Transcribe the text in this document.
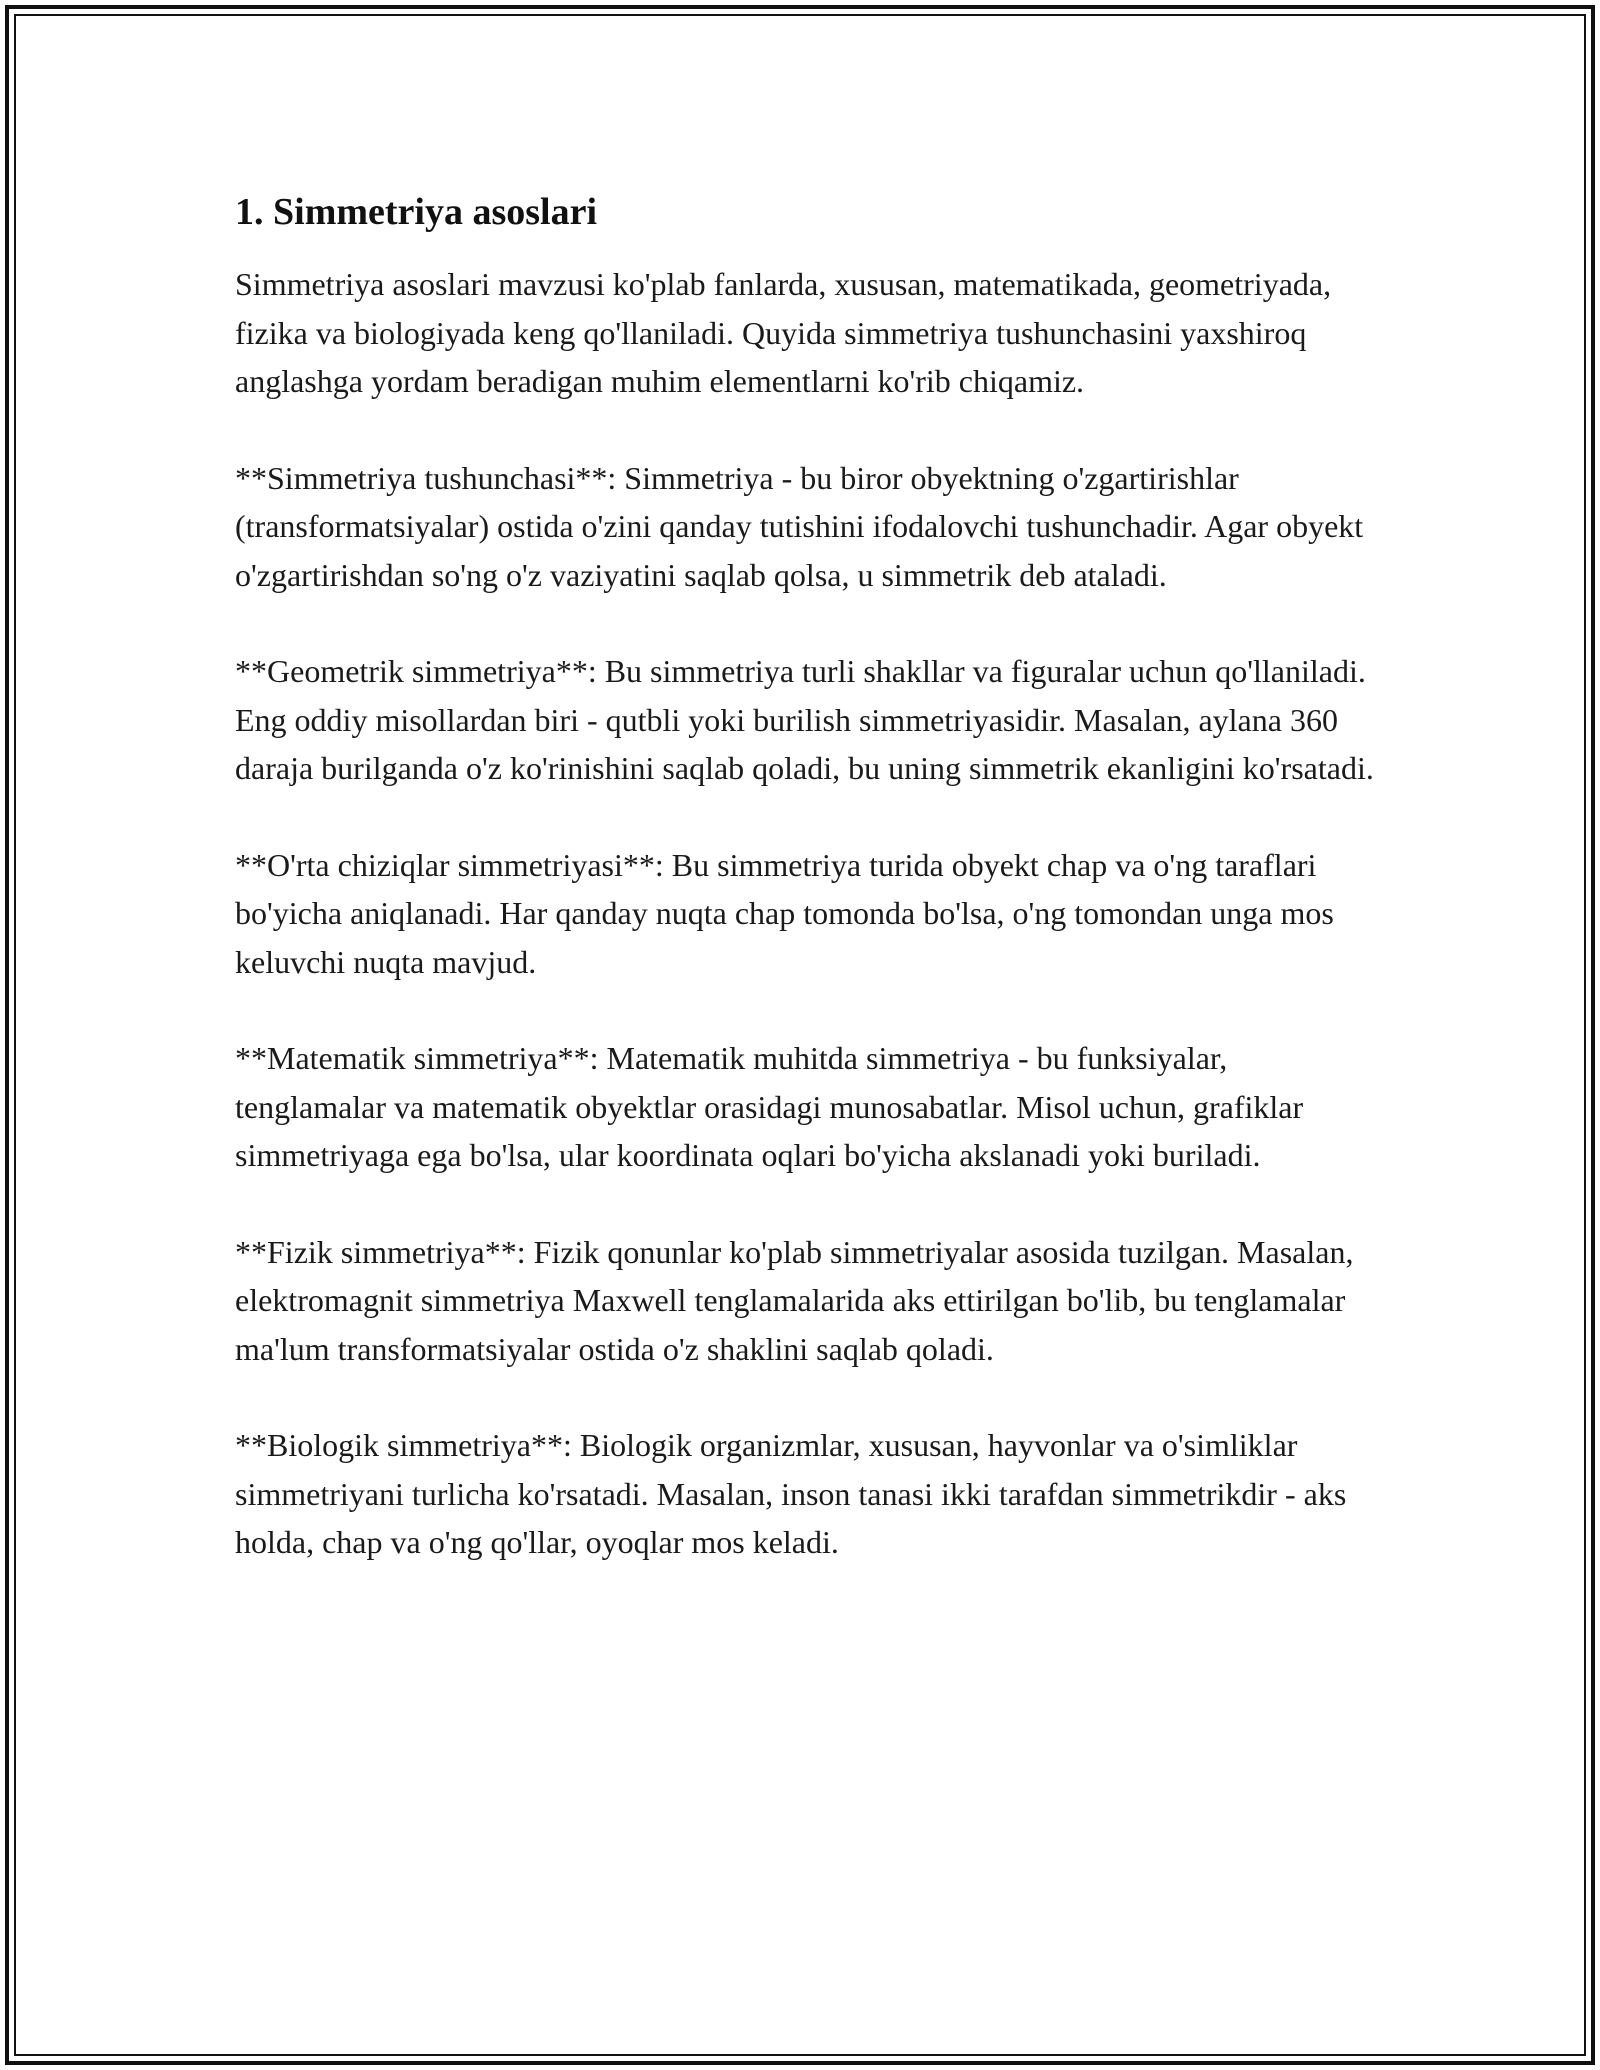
1. Simmetriya asoslari

Simmetriya asoslari mavzusi ko'plab fanlarda, xususan, matematikada, geometriyada, fizika va biologiyada keng qo'llaniladi. Quyida simmetriya tushunchasini yaxshiroq anglashga yordam beradigan muhim elementlarni ko'rib chiqamiz.

**Simmetriya tushunchasi**: Simmetriya - bu biror obyektning o'zgartirishlar (transformatsiyalar) ostida o'zini qanday tutishini ifodalovchi tushunchadir. Agar obyekt o'zgartirishdan so'ng o'z vaziyatini saqlab qolsa, u simmetrik deb ataladi.

**Geometrik simmetriya**: Bu simmetriya turli shakllar va figuralar uchun qo'llaniladi. Eng oddiy misollardan biri - qutbli yoki burilish simmetriyasidir. Masalan, aylana 360 daraja burilganda o'z ko'rinishini saqlab qoladi, bu uning simmetrik ekanligini ko'rsatadi.

**O'rta chiziqlar simmetriyasi**: Bu simmetriya turida obyekt chap va o'ng taraflari bo'yicha aniqlanadi. Har qanday nuqta chap tomonda bo'lsa, o'ng tomondan unga mos keluvchi nuqta mavjud.

**Matematik simmetriya**: Matematik muhitda simmetriya - bu funksiyalar, tenglamalar va matematik obyektlar orasidagi munosabatlar. Misol uchun, grafiklar simmetriyaga ega bo'lsa, ular koordinata oqlari bo'yicha akslanadi yoki buriladi.

**Fizik simmetriya**: Fizik qonunlar ko'plab simmetriyalar asosida tuzilgan. Masalan, elektromagnit simmetriya Maxwell tenglamalarida aks ettirilgan bo'lib, bu tenglamalar ma'lum transformatsiyalar ostida o'z shaklini saqlab qoladi.

**Biologik simmetriya**: Biologik organizmlar, xususan, hayvonlar va o'simliklar simmetriyani turlicha ko'rsatadi. Masalan, inson tanasi ikki tarafdan simmetrikdir - aks holda, chap va o'ng qo'llar, oyoqlar mos keladi.
